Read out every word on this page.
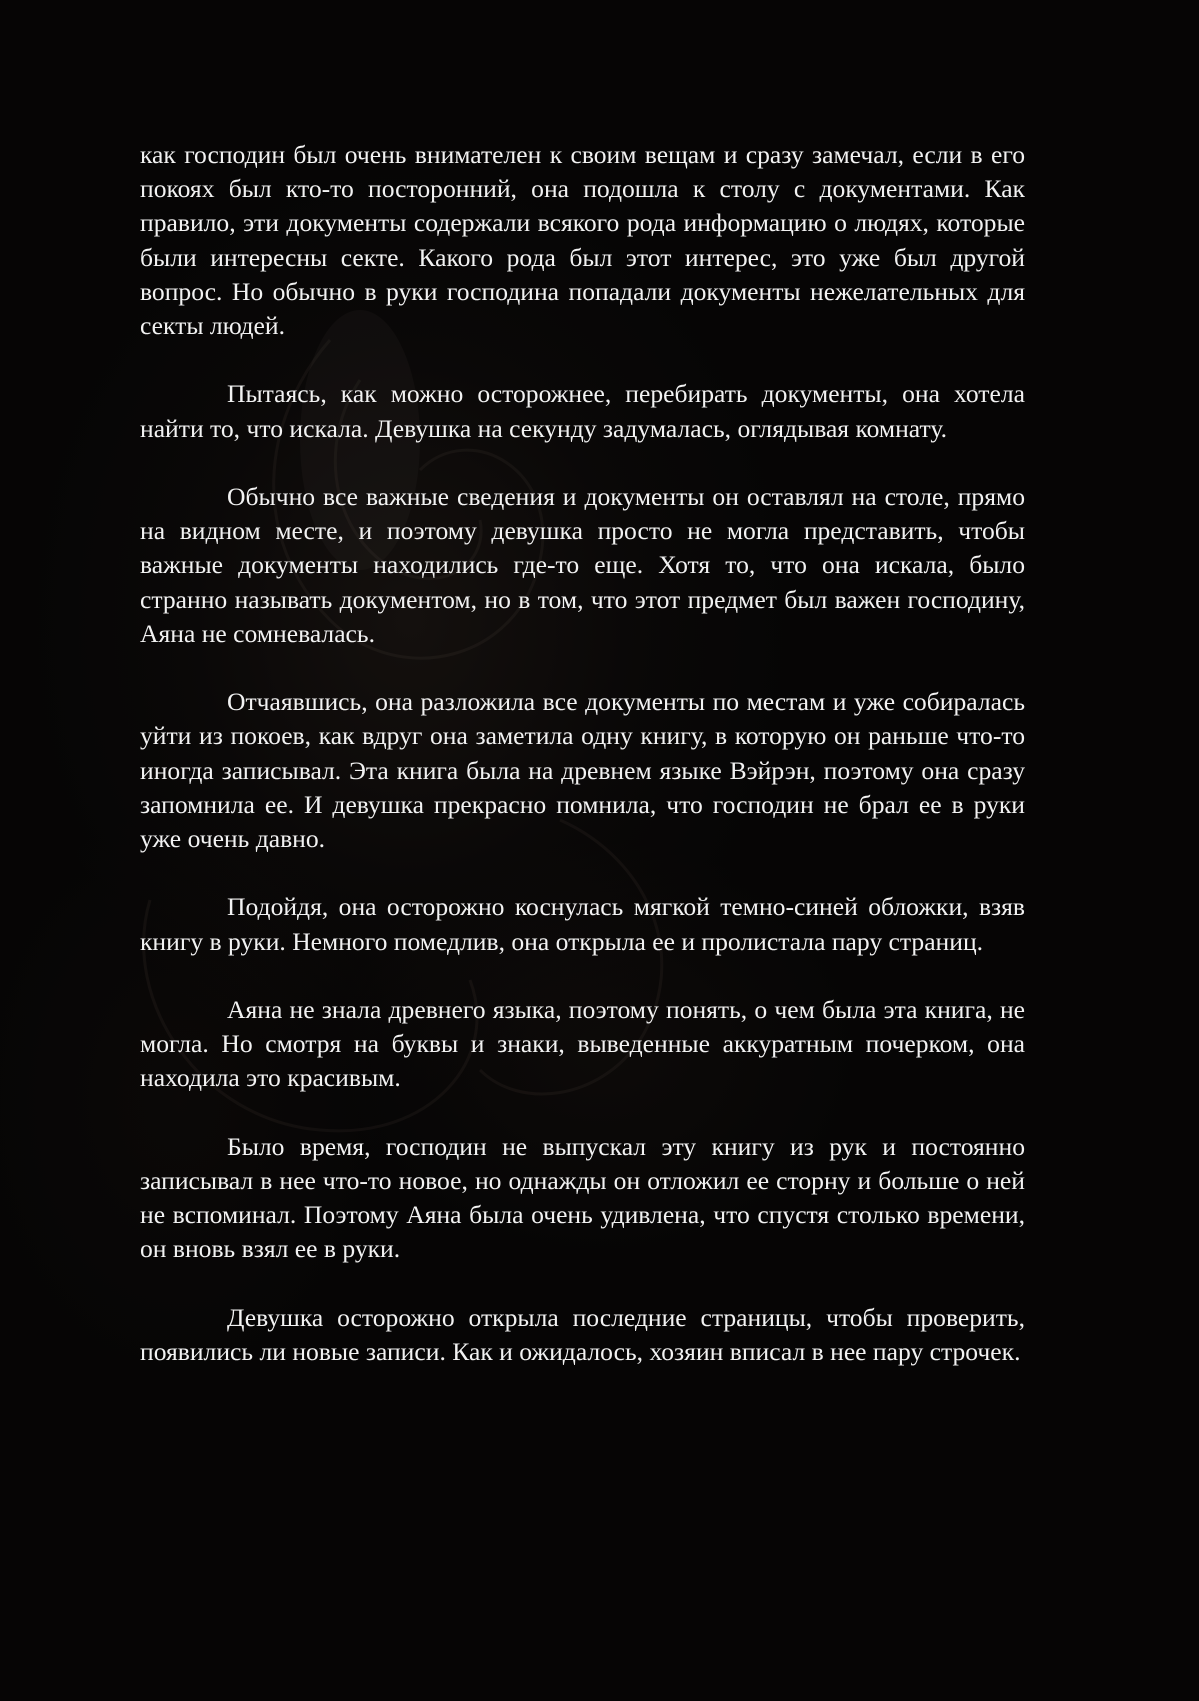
как господин был очень внимателен к своим вещам и сразу замечал, если в его покоях был кто-то посторонний, она подошла к столу с документами. Как правило, эти документы содержали всякого рода информацию о людях, которые были интересны секте. Какого рода был этот интерес, это уже был другой вопрос. Но обычно в руки господина попадали документы нежелательных для секты людей.

Пытаясь, как можно осторожнее, перебирать документы, она хотела найти то, что искала. Девушка на секунду задумалась, оглядывая комнату.

Обычно все важные сведения и документы он оставлял на столе, прямо на видном месте, и поэтому девушка просто не могла представить, чтобы важные документы находились где-то еще. Хотя то, что она искала, было странно называть документом, но в том, что этот предмет был важен господину, Аяна не сомневалась.

Отчаявшись, она разложила все документы по местам и уже собиралась уйти из покоев, как вдруг она заметила одну книгу, в которую он раньше что-то иногда записывал. Эта книга была на древнем языке Вэйрэн, поэтому она сразу запомнила ее. И девушка прекрасно помнила, что господин не брал ее в руки уже очень давно.

Подойдя, она осторожно коснулась мягкой темно-синей обложки, взяв книгу в руки. Немного помедлив, она открыла ее и пролистала пару страниц.

Аяна не знала древнего языка, поэтому понять, о чем была эта книга, не могла. Но смотря на буквы и знаки, выведенные аккуратным почерком, она находила это красивым.

Было время, господин не выпускал эту книгу из рук и постоянно записывал в нее что-то новое, но однажды он отложил ее сторну и больше о ней не вспоминал. Поэтому Аяна была очень удивлена, что спустя столько времени, он вновь взял ее в руки.

Девушка осторожно открыла последние страницы, чтобы проверить, появились ли новые записи. Как и ожидалось, хозяин вписал в нее пару строчек.
